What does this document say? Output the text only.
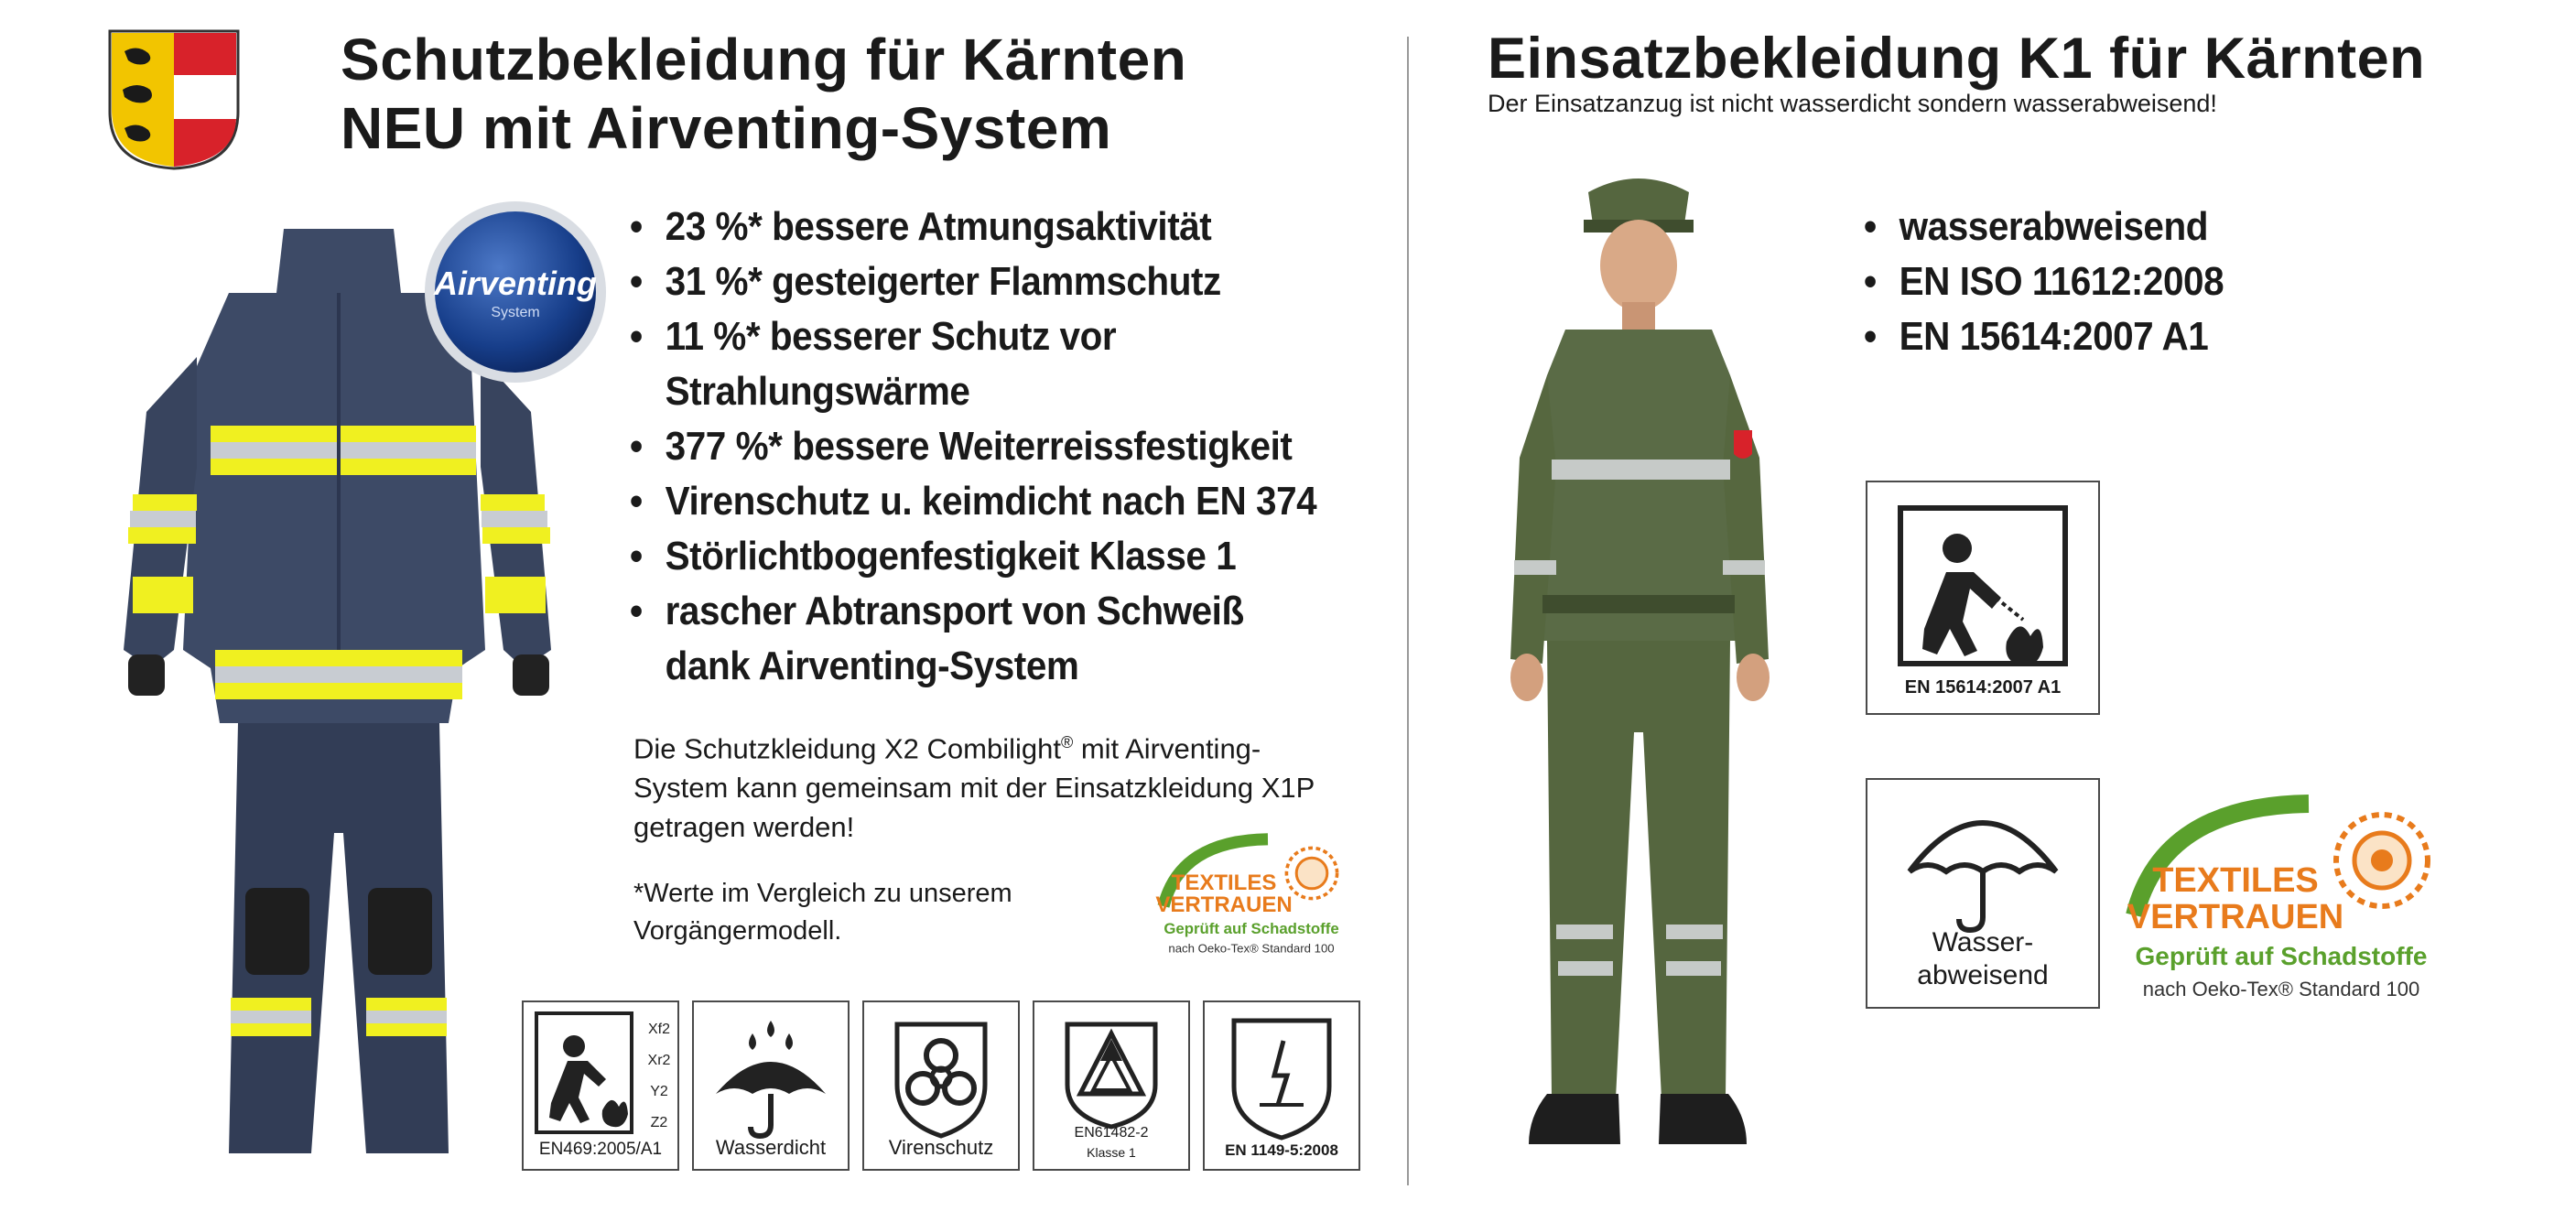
Schutzbekleidung für Kärnten
NEU mit Airventing-System
Airventing
System
• 23 %* bessere Atmungsaktivität
• 31 %* gesteigerter Flammschutz
• 11 %* besserer Schutz vor
Strahlungswärme
• 377 %* bessere Weiterreissfestigkeit
• Virenschutz u. keimdicht nach EN 374
• Störlichtbogenfestigkeit Klasse 1
• rascher Abtransport von Schweiß
dank Airventing-System
Die Schutzkleidung X2 Combilight® mit Airventing-System kann gemeinsam mit der Einsatzkleidung X1P getragen werden!
*Werte im Vergleich zu unserem Vorgängermodell.
TEXTILES
VERTRAUEN
Geprüft auf Schadstoffe
nach Oeko-Tex® Standard 100
Xf2
Xr2
Y2
Z2
EN469:2005/A1	Wasserdicht	Virenschutz
EN61482-2
Klasse 1	EN 1149-5:2008
Einsatzbekleidung K1 für Kärnten
Der Einsatzanzug ist nicht wasserdicht sondern wasserabweisend!
• wasserabweisend
• EN ISO 11612:2008
• EN 15614:2007 A1
EN 15614:2007 A1
Wasser-
abweisend
TEXTILES
VERTRAUEN
Geprüft auf Schadstoffe
nach Oeko-Tex® Standard 100
